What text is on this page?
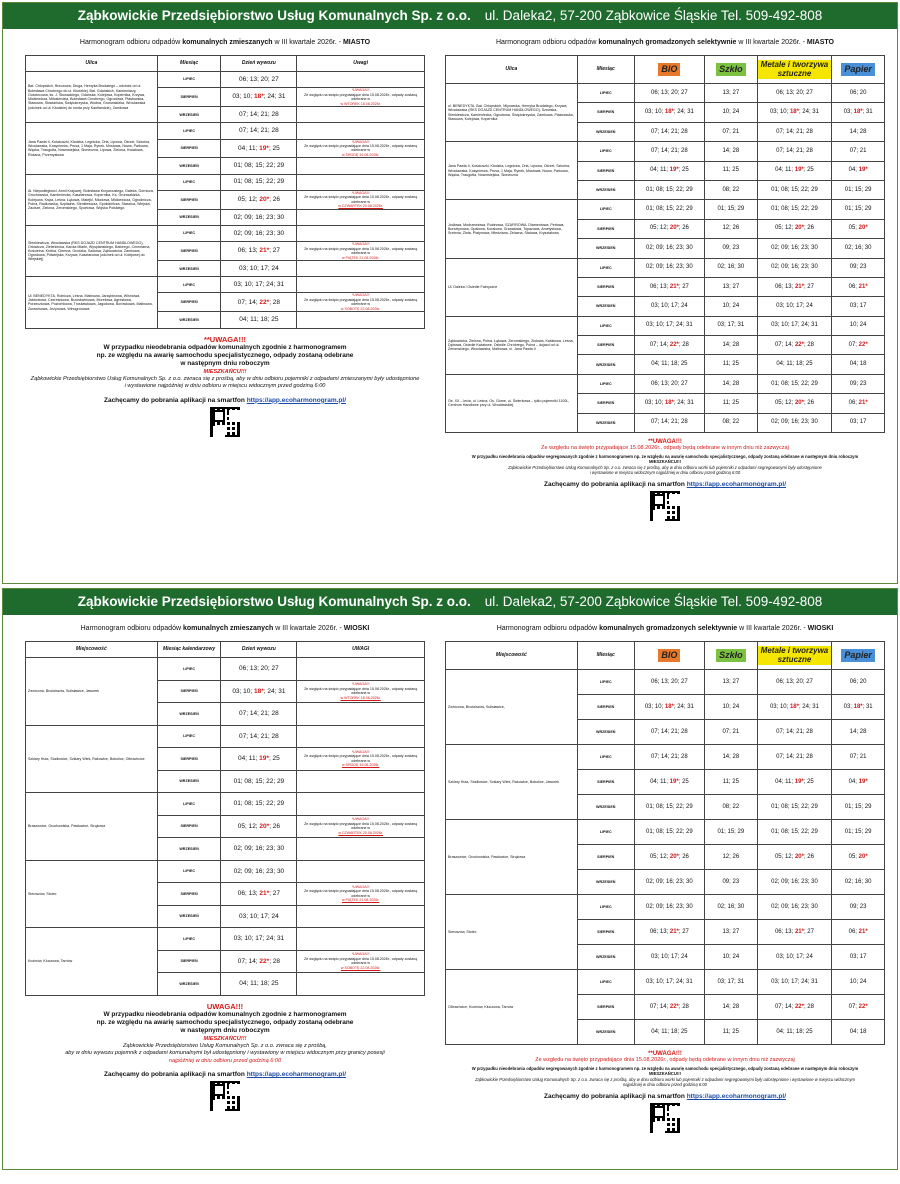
Ząbkowickie Przedsiębiorstwo Usług Komunalnych Sp. z o.o. ul. Daleka2, 57-200 Ząbkowice Śląskie Tel. 509-492-808
Harmonogram odbioru odpadów komunalnych zmieszanych w III kwartale 2026r. - MIASTO
Ulica	Miesiąc	Dzień wywozu	Uwagi
Bat. Chłopskich, Brzozowa, Długa, Henryka Brodatego – odcinek od ul. Bolesława Chrobrego do ul. Kłodzkiej, Bat. Gdańskich, Kamieniarzy, Gościncowa, ks. J. Słowackiego, Gdańska, Kolejowa, Kopernika, Krzywa, Mickiewicza, Miłosierdzia, Bolesława Chrobrego, Ogrodowa, Piastowska, Stawowa, Słowiańska, Świętokrzyska, Wodna, Grunwaldzka, Wrocławska (odcinek od ul. Kłodzkiej do ronda przy Kauflandzie), Zamkowa	LIPIEC	06; 13; 20; 27	
	SIERPIEŃ	03; 10; 18*; 24; 31	*UWAGA!!!
Ze względu na święto przypadające dnia 15.08.2026r., odpady zostaną odebrane w
w WTOREK 18.08.2026r.

	WRZESIEŃ	07; 14; 21; 28	
Jana Pawła II, Kościuszki, Kłodzka, Legnicka, Orla, Lipowa, Okrzei, Szkolna, Wrocławska, Kosynierów, Prusa, 1 Maja, Rynek, Mostowa, Nowa, Parkowa, Wąska, Traugutta, Nowowiejska, Słoneczna, Lipowa, Zielona, Kwiatowa, Różana, Przemysłowa	LIPIEC	07; 14; 21; 28	
	SIERPIEŃ	04; 11; 19*; 25	*UWAGA!!!
Ze względu na święto przypadające dnia 15.08.2026r., odpady zostaną odebrane w
w ŚRODĘ 19.08.2026r.

	WRZESIEŃ	01; 08; 15; 22; 29	
Al. Niepodległości, Armii Krajowej, Bolesława Krzywoustego, Daleka, Górnicza, Grochowska, Kamieniecka, Kasztanowa, Kopernika, Ks. Grunwaldzka, Kolejowa, Kręta, Leśna, Łąkowa, Matejki, Miodowa, Mickiewicza, Ogrodnicza, Polna, Radkowska, Szpitalna, Sienkiewicza, Spółdzielcza, Staszica, Wiejska, Zacisze, Zielona, Żeromskiego, Sportowa, Wojska Polskiego	LIPIEC	01; 08; 15; 22; 29	
	SIERPIEŃ	05; 12; 20*; 26	*UWAGA!!!
Ze względu na święto przypadające dnia 15.08.2026r., odpady zostaną odebrane w
w CZWARTEK 20.08.2026r.

	WRZESIEŃ	02; 09; 16; 23; 30	
Sienkiewicza, Wrocławska (RKS DOJAZD CENTRUM HANDLOWEGO), Orłowicza, Zieleniecka, Karola Miarki, Wyspiańskiego, Batorego, Cmentarna, Kościelna, Krótka, Ciemna, Grodzka, Sadowa, Ząbkowicka, Zamkowa, Ogrodowa, Półwiejska, Krzywa, Kasztanowa (odcinek od ul. Kolejowej do Wiejskiej)	LIPIEC	02; 09; 16; 23; 30	
	SIERPIEŃ	06; 13; 21*; 27	*UWAGA!!!
Ze względu na święto przypadające dnia 15.08.2026r., odpady zostaną odebrane w
w PIĄTEK 21.08.2026r.

	WRZESIEŃ	03; 10; 17; 24	
Ul. BENEDYKTA, Rolnicza, Leśna, Malinowa, Jarzębinowa, Wiśniowa, Jabłoniowa, Czereśniowa, Brzoskwiniowa, Morelowa, Agrestowa, Porzeczkowa, Poziomkowa, Truskawkowa, Jagodowa, Borówkowa, Malinowa, Żurawinowa, Jeżynowa, Winogronowa	LIPIEC	03; 10; 17; 24; 31	
	SIERPIEŃ	07; 14; 22*; 28	*UWAGA!!!
Ze względu na święto przypadające dnia 15.08.2026r., odpady zostaną odebrane w
w SOBOTĘ 22.08.2026r.

	WRZESIEŃ	04; 11; 18; 25	
**UWAGA!!!
W przypadku nieodebrania odpadów komunalnych zgodnie z harmonogramem
np. ze względu na awarię samochodu specjalistycznego, odpady zostaną odebrane
w następnym dniu roboczym
MIESZKAŃCU!!!
Ząbkowickie Przedsiębiorstwo Usług Komunalnych Sp. z o.o. zwraca się z prośbą, aby w dniu odbioru pojemniki z odpadami zmieszanymi były udostępnione
i wystawione najpóźniej w dniu odbioru w miejscu widocznym przed godziną 6:00
Zachęcamy do pobrania aplikacji na smartfon https://app.ecoharmonogram.pl/
Harmonogram odbioru odpadów komunalnych gromadzonych selektywnie w III kwartale 2026r. - MIASTO
Ulica	Miesiąc	BIO	Szkło	Metale i tworzywa sztuczne	Papier
ul. BENEDYKTA, Bat. Chłopskich, Młynarska, Henryka Brodatego, Krzywa, Wrocławska (RKS DOJAZD CENTRUM HANDLOWEGO), Szewska, Sienkiewicza, Kamieniecka, Ogrodowa, Świętokrzyska, Zamkowa, Piastowska, Stawowa, Kolejowa, Kopernika	LIPIEC	06; 13; 20; 27	13; 27	06; 13; 20; 27	06; 20
	SIERPIEŃ	03; 10; 18*; 24; 31	10; 24	03; 10; 18*; 24; 31	03; 18*; 31
	WRZESIEŃ	07; 14; 21; 28	07; 21	07; 14; 21; 28	14; 28
Jana Pawła II, Kościuszki, Kłodzka, Legnicka, Orla, Lipowa, Okrzei, Szkolna, Wrocławska, Kosynierów, Prusa, 1 Maja, Rynek, Mostowa, Nowa, Parkowa, Wąska, Traugutta, Nowowiejska, Słoneczna	LIPIEC	07; 14; 21; 28	14; 28	07; 14; 21; 28	07; 21
	SIERPIEŃ	04; 11; 19*; 25	11; 25	04; 11; 19*; 25	04; 19*
	WRZESIEŃ	01; 08; 15; 22; 29	08; 22	01; 08; 15; 22; 29	01; 15; 29
Jodłowa, Modrzewiowa, Rubinowa, SZAFIROWA, Diamentowa, Perłowa, Bursztynowa, Opalowa, Koralowa, Granatowa, Topazowa, Ametystowa, Srebrna, Złota, Platynowa, Miedziana, Żelazna, Stalowa, Kryształowa	LIPIEC	01; 08; 15; 22; 29	01; 15; 29	01; 08; 15; 22; 29	01; 15; 29
	SIERPIEŃ	05; 12; 20*; 26	12; 26	05; 12; 20*; 26	05; 20*
	WRZESIEŃ	02; 09; 16; 23; 30	09; 23	02; 09; 16; 23; 30	02; 16; 30
Ul. Daleka i Osiedle Fabryczne	LIPIEC	02; 09; 16; 23; 30	02; 16; 30	02; 09; 16; 23; 30	09; 23
	SIERPIEŃ	06; 13; 21*; 27	13; 27	06; 13; 21*; 27	06; 21*
	WRZESIEŃ	03; 10; 17; 24	10; 24	03; 10; 17; 24	03; 17
Ząbkowicka, Zielona, Polna, Łąkowa, Żeromskiego, Ziołowa, Kwiatowa, Leśna, Dębowa, Osiedle Kwiatowe, Osiedle Chrobrego, Polna – dojazd od ul. Żeromskiego, Wrocławska, Malinowa, ul. Jana Pawła II	LIPIEC	03; 10; 17; 24; 31	03; 17; 31	03; 10; 17; 24; 31	10; 24
	SIERPIEŃ	07; 14; 22*; 28	14; 28	07; 14; 22*; 28	07; 22*
	WRZESIEŃ	04; 11; 18; 25	11; 25	04; 11; 18; 25	04; 18
Os. XX – lecia, ul. Leśna, Os. Górne, ul. Świerkowa – tylko pojemniki 1100L, Centrum Handlowe przy ul. Wrocławskiej	LIPIEC	06; 13; 20; 27	14; 28	01; 08; 15; 22; 29	09; 23
	SIERPIEŃ	03; 10; 18*; 24; 31	11; 25	05; 12; 20*; 26	06; 21*
	WRZESIEŃ	07; 14; 21; 28	08; 22	02; 09; 16; 23; 30	03; 17
**UWAGA!!!
Ze względu na święto przypadające 15.08.2026r., odpady będą odebrane w innym dniu niż zazwyczaj
W przypadku nieodebrania odpadów segregowanych zgodnie z harmonogramem np. ze względu na awarię samochodu specjalistycznego, odpady zostaną odebrane w następnym dniu roboczym
MIESZKAŃCU!!!
Ząbkowickie Przedsiębiorstwo Usług Komunalnych Sp. z o.o. zwraca się z prośbą, aby w dniu odbioru worki lub pojemniki z odpadami segregowanymi były udostępnione
i wystawione w miejscu widocznym najpóźniej w dniu odbioru przed godziną 6:00
Zachęcamy do pobrania aplikacji na smartfon https://app.ecoharmonogram.pl/
Ząbkowickie Przedsiębiorstwo Usług Komunalnych Sp. z o.o. ul. Daleka2, 57-200 Ząbkowice Śląskie Tel. 509-492-808
Harmonogram odbioru odpadów komunalnych zmieszanych w III kwartale 2026r. - WIOSKI
Miejscowość	Miesiąc kalendarzowy	Dzień wywozu	UWAGI
Zwrócona, Brodziszów, Sulisławice, Jaworek	LIPIEC	06; 13; 20; 27	
	SIERPIEŃ	03; 10; 18*; 24; 31	*UWAGA!!!
Ze względu na święto przypadające dnia 15.08.2026r., odpady zostaną odebrane w
w WTOREK 18.08.2026r.

	WRZESIEŃ	07; 14; 21; 28	
Szklary Huta, Siodłowice, Szklary Wieś, Rakowice, Bobolice, Olbrachcice	LIPIEC	07; 14; 21; 28	
	SIERPIEŃ	04; 11; 19*; 25	*UWAGA!!!
Ze względu na święto przypadające dnia 15.08.2026r., odpady zostaną odebrane w
w ŚRODĘ 19.08.2026r.

	WRZESIEŃ	01; 08; 15; 22; 29	
Braszowice, Grochowiska, Pawłowice, Strąkowa	LIPIEC	01; 08; 15; 22; 29	
	SIERPIEŃ	05; 12; 20*; 26	*UWAGA!!!
Ze względu na święto przypadające dnia 15.08.2026r., odpady zostaną odebrane w
w CZWARTEK 20.08.2026r.

	WRZESIEŃ	02; 09; 16; 23; 30	
Sieroszów, Stolec	LIPIEC	02; 09; 16; 23; 30	
	SIERPIEŃ	06; 13; 21*; 27	*UWAGA!!!
Ze względu na święto przypadające dnia 15.08.2026r., odpady zostaną odebrane w
w PIĄTEK 21.08.2026r.

	WRZESIEŃ	03; 10; 17; 24	
Kozinów, Kluczowa, Tarnów	LIPIEC	03; 10; 17; 24; 31	
	SIERPIEŃ	07; 14; 22*; 28	*UWAGA!!!
Ze względu na święto przypadające dnia 15.08.2026r., odpady zostaną odebrane w
w SOBOTĘ 22.08.2026r.

	WRZESIEŃ	04; 11; 18; 25	
UWAGA!!!
W przypadku nieodebrania odpadów komunalnych zgodnie z harmonogramem
np. ze względu na awarię samochodu specjalistycznego, odpady zostaną odebrane
w następnym dniu roboczym
MIESZKAŃCU!!!
Ząbkowickie Przedsiębiorstwo Usług Komunalnych Sp. z o.o. zwraca się z prośbą,
aby w dniu wywozu pojemnik z odpadami komunalnymi był udostępniony i wystawiony w miejscu widocznym przy granicy posesji
najpóźniej w dniu odbioru przed godziną 6:00
Zachęcamy do pobrania aplikacji na smartfon https://app.ecoharmonogram.pl/
Harmonogram odbioru odpadów komunalnych gromadzonych selektywnie w III kwartale 2026r. - WIOSKI
Miejscowość	Miesiąc	BIO	Szkło	Metale i tworzywa sztuczne	Papier
Zwrócona, Brodziszów, Sulisławice,	LIPIEC	06; 13; 20; 27	13; 27	06; 13; 20; 27	06; 20
	SIERPIEŃ	03; 10; 18*; 24; 31	10; 24	03; 10; 18*; 24; 31	03; 18*; 31
	WRZESIEŃ	07; 14; 21; 28	07; 21	07; 14; 21; 28	14; 28
Szklary Huta, Siodłowice, Szklary Wieś, Rakowice, Bobolice, Jaworek	LIPIEC	07; 14; 21; 28	14; 28	07; 14; 21; 28	07; 21
	SIERPIEŃ	04; 11; 19*; 25	11; 25	04; 11; 19*; 25	04; 19*
	WRZESIEŃ	01; 08; 15; 22; 29	08; 22	01; 08; 15; 22; 29	01; 15; 29
Braszowice, Grochowiska, Pawłowice, Strąkowa	LIPIEC	01; 08; 15; 22; 29	01; 15; 29	01; 08; 15; 22; 29	01; 15; 29
	SIERPIEŃ	05; 12; 20*; 26	12; 26	05; 12; 20*; 26	05; 20*
	WRZESIEŃ	02; 09; 16; 23; 30	09; 23	02; 09; 16; 23; 30	02; 16; 30
Sieroszów, Stolec	LIPIEC	02; 09; 16; 23; 30	02; 16; 30	02; 09; 16; 23; 30	09; 23
	SIERPIEŃ	06; 13; 21*; 27	13; 27	06; 13; 21*; 27	06; 21*
	WRZESIEŃ	03; 10; 17; 24	10; 24	03; 10; 17; 24	03; 17
Olbrachcice, Kozinów, Kluczowa, Tarnów	LIPIEC	03; 10; 17; 24; 31	03; 17; 31	03; 10; 17; 24; 31	10; 24
	SIERPIEŃ	07; 14; 22*; 28	14; 28	07; 14; 22*; 28	07; 22*
	WRZESIEŃ	04; 11; 18; 25	11; 25	04; 11; 18; 25	04; 18
**UWAGA!!!
Ze względu na święto przypadające dnia 15.08.2026r., odpady będą odebrane w innym dniu niż zazwyczaj
W przypadku nieodebrania odpadów segregowanych zgodnie z harmonogramem np. ze względu na awarię samochodu specjalistycznego, odpady zostaną odebrane w następnym dniu roboczym
MIESZKAŃCU!!!
Ząbkowickie Przedsiębiorstwo Usług Komunalnych Sp. z o.o. zwraca się z prośbą, aby w dniu odbioru worki lub pojemniki z odpadami segregowanymi były udostępnione i wystawione w miejscu widocznym
najpóźniej w dniu odbioru przed godziną 6:00
Zachęcamy do pobrania aplikacji na smartfon https://app.ecoharmonogram.pl/
